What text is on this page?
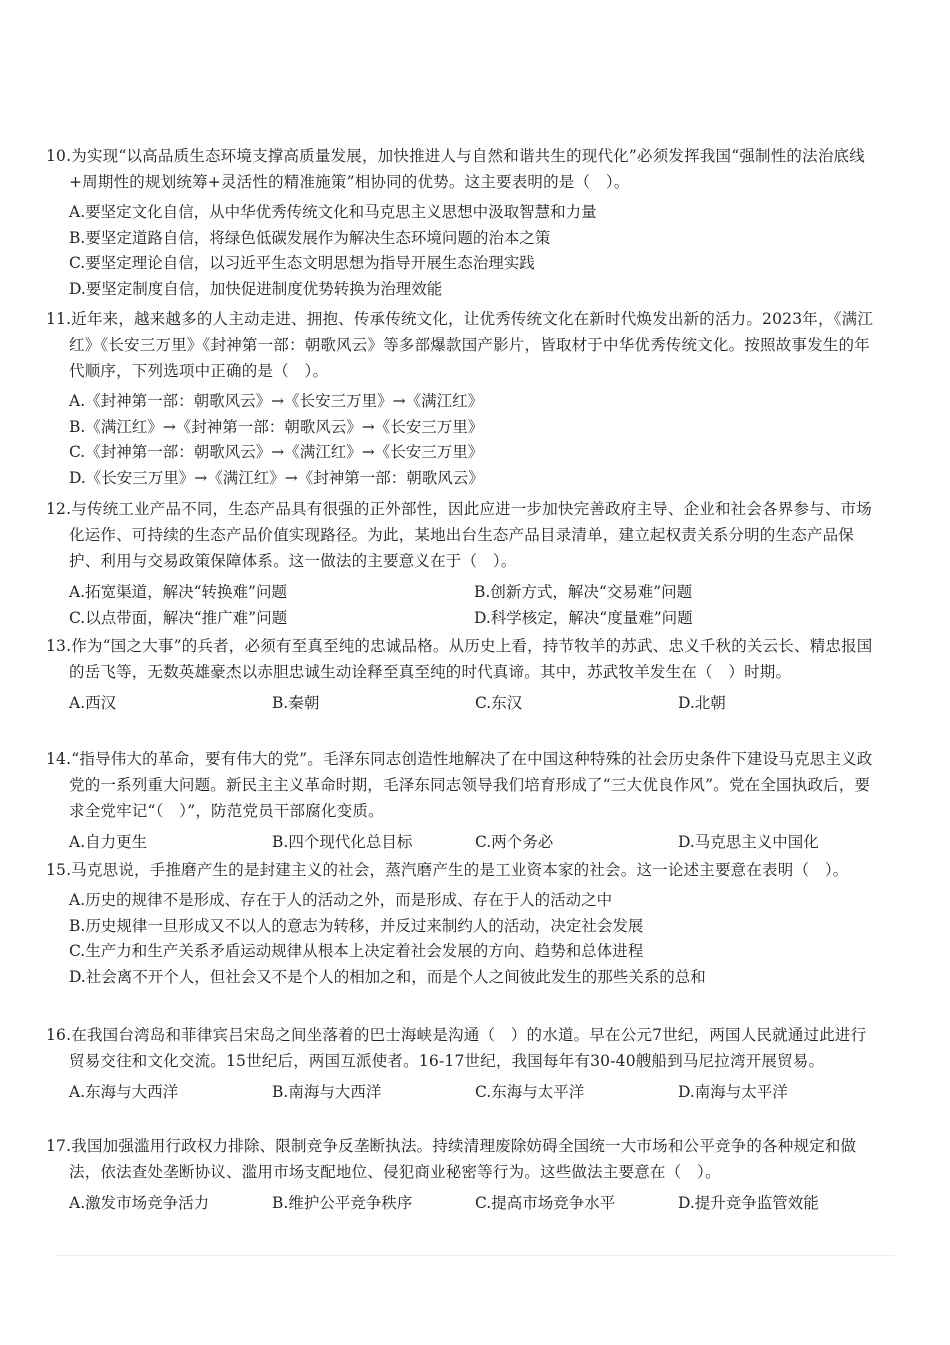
10.为实现“以高品质生态环境支撑高质量发展，加快推进人与自然和谐共生的现代化”必须发挥我国“强制性的法治底线+周期性的规划统筹+灵活性的精准施策”相协同的优势。这主要表明的是（　）。

A.要坚定文化自信，从中华优秀传统文化和马克思主义思想中汲取智慧和力量
B.要坚定道路自信，将绿色低碳发展作为解决生态环境问题的治本之策
C.要坚定理论自信，以习近平生态文明思想为指导开展生态治理实践
D.要坚定制度自信，加快促进制度优势转换为治理效能

11.近年来，越来越多的人主动走进、拥抱、传承传统文化，让优秀传统文化在新时代焕发出新的活力。2023年，《满江红》《长安三万里》《封神第一部：朝歌风云》等多部爆款国产影片，皆取材于中华优秀传统文化。按照故事发生的年代顺序，下列选项中正确的是（　）。

A.《封神第一部：朝歌风云》→《长安三万里》→《满江红》
B.《满江红》→《封神第一部：朝歌风云》→《长安三万里》
C.《封神第一部：朝歌风云》→《满江红》→《长安三万里》
D.《长安三万里》→《满江红》→《封神第一部：朝歌风云》

12.与传统工业产品不同，生态产品具有很强的正外部性，因此应进一步加快完善政府主导、企业和社会各界参与、市场化运作、可持续的生态产品价值实现路径。为此，某地出台生态产品目录清单，建立起权责关系分明的生态产品保护、利用与交易政策保障体系。这一做法的主要意义在于（　）。

A.拓宽渠道，解决“转换难”问题	B.创新方式，解决“交易难”问题
C.以点带面，解决“推广难”问题	D.科学核定，解决“度量难”问题

13.作为“国之大事”的兵者，必须有至真至纯的忠诚品格。从历史上看，持节牧羊的苏武、忠义千秋的关云长、精忠报国的岳飞等，无数英雄豪杰以赤胆忠诚生动诠释至真至纯的时代真谛。其中，苏武牧羊发生在（　）时期。

A.西汉	B.秦朝	C.东汉	D.北朝

14.“指导伟大的革命，要有伟大的党”。毛泽东同志创造性地解决了在中国这种特殊的社会历史条件下建设马克思主义政党的一系列重大问题。新民主主义革命时期，毛泽东同志领导我们培育形成了“三大优良作风”。党在全国执政后，要求全党牢记“（　）”，防范党员干部腐化变质。

A.自力更生	B.四个现代化总目标	C.两个务必	D.马克思主义中国化

15.马克思说，手推磨产生的是封建主义的社会，蒸汽磨产生的是工业资本家的社会。这一论述主要意在表明（　）。

A.历史的规律不是形成、存在于人的活动之外，而是形成、存在于人的活动之中
B.历史规律一旦形成又不以人的意志为转移，并反过来制约人的活动，决定社会发展
C.生产力和生产关系矛盾运动规律从根本上决定着社会发展的方向、趋势和总体进程
D.社会离不开个人，但社会又不是个人的相加之和，而是个人之间彼此发生的那些关系的总和

16.在我国台湾岛和菲律宾吕宋岛之间坐落着的巴士海峡是沟通（　）的水道。早在公元7世纪，两国人民就通过此进行贸易交往和文化交流。15世纪后，两国互派使者。16-17世纪，我国每年有30-40艘船到马尼拉湾开展贸易。

A.东海与大西洋	B.南海与大西洋	C.东海与太平洋	D.南海与太平洋

17.我国加强滥用行政权力排除、限制竞争反垄断执法。持续清理废除妨碍全国统一大市场和公平竞争的各种规定和做法，依法查处垄断协议、滥用市场支配地位、侵犯商业秘密等行为。这些做法主要意在（　）。

A.激发市场竞争活力	B.维护公平竞争秩序	C.提高市场竞争水平	D.提升竞争监管效能
